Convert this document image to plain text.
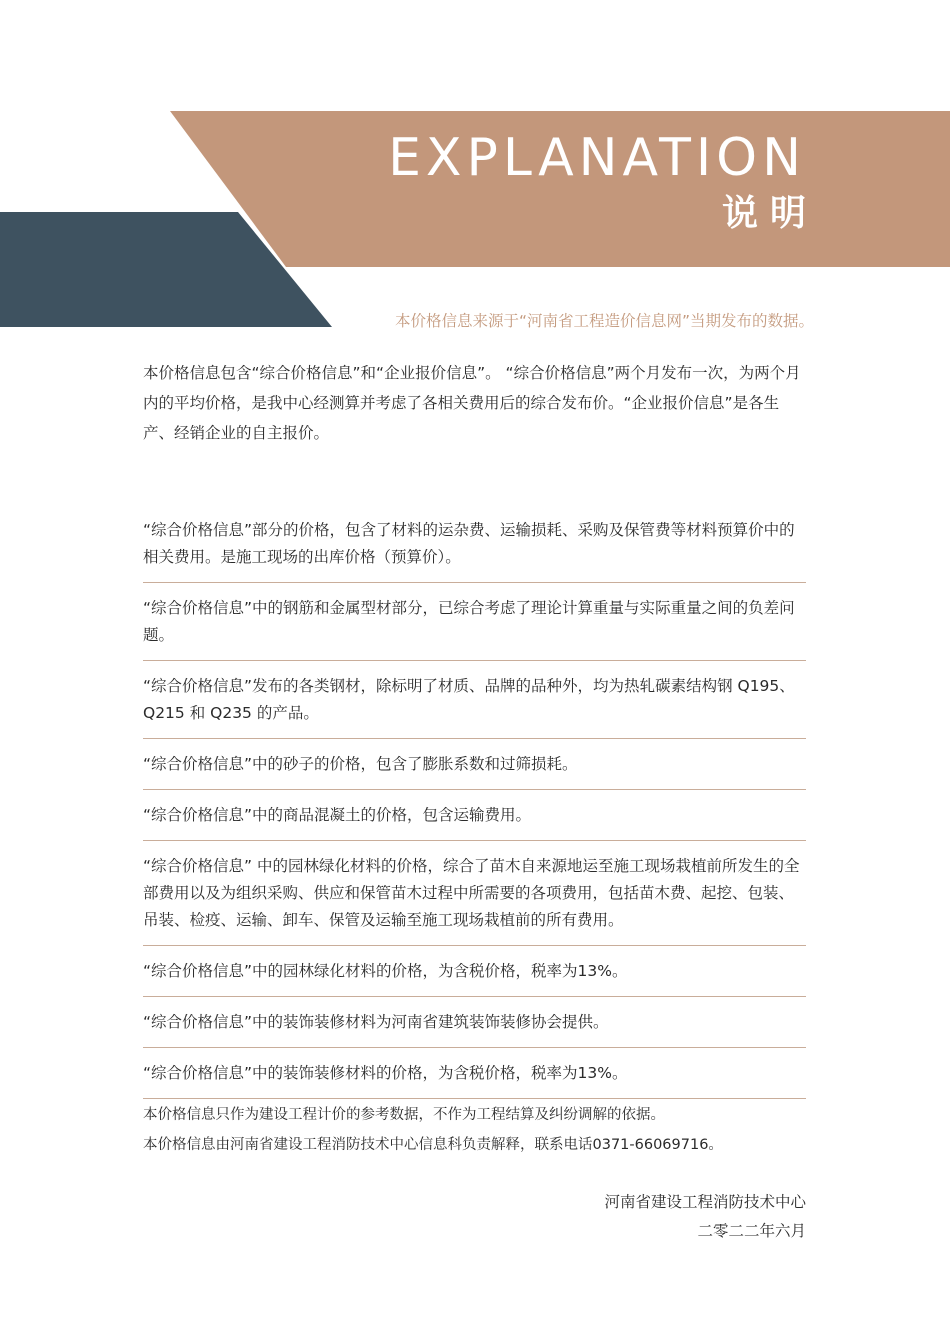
EXPLANATION
说明
本价格信息来源于“河南省工程造价信息网”当期发布的数据。

本价格信息包含“综合价格信息”和“企业报价信息”。 “综合价格信息”两个月发布一次，为两个月内的平均价格，是我中心经测算并考虑了各相关费用后的综合发布价。“企业报价信息”是各生产、经销企业的自主报价。

“综合价格信息”部分的价格，包含了材料的运杂费、运输损耗、采购及保管费等材料预算价中的相关费用。是施工现场的出库价格（预算价）。
“综合价格信息”中的钢筋和金属型材部分，已综合考虑了理论计算重量与实际重量之间的负差问题。
“综合价格信息”发布的各类钢材，除标明了材质、品牌的品种外，均为热轧碳素结构钢 Q195、Q215 和 Q235 的产品。
“综合价格信息”中的砂子的价格，包含了膨胀系数和过筛损耗。
“综合价格信息”中的商品混凝土的价格，包含运输费用。
“综合价格信息” 中的园林绿化材料的价格，综合了苗木自来源地运至施工现场栽植前所发生的全部费用以及为组织采购、供应和保管苗木过程中所需要的各项费用，包括苗木费、起挖、包装、吊装、检疫、运输、卸车、保管及运输至施工现场栽植前的所有费用。
“综合价格信息”中的园林绿化材料的价格，为含税价格，税率为13%。
“综合价格信息”中的装饰装修材料为河南省建筑装饰装修协会提供。
“综合价格信息”中的装饰装修材料的价格，为含税价格，税率为13%。

本价格信息只作为建设工程计价的参考数据，不作为工程结算及纠纷调解的依据。

本价格信息由河南省建设工程消防技术中心信息科负责解释，联系电话0371-66069716。

河南省建设工程消防技术中心

二零二二年六月
